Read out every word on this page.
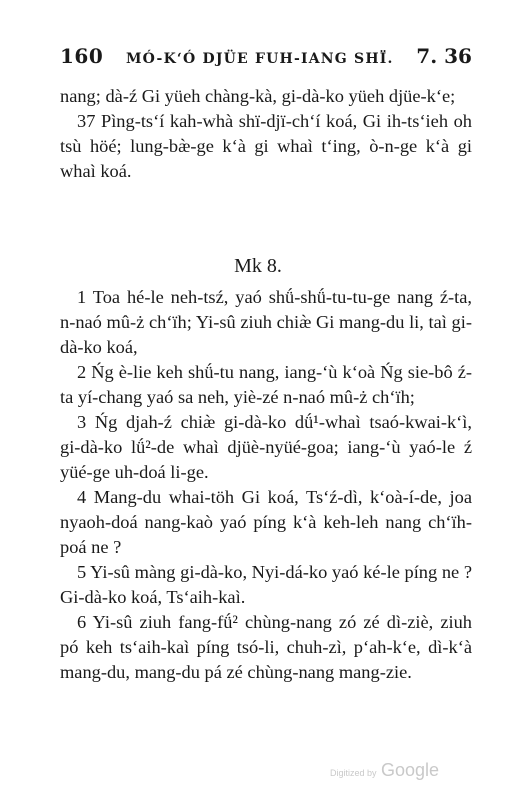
160 MÓ-K‘Ó DJÜE FUH-IANG SHÏ. 7. 36

nang; dà-ź Gi yüeh chàng-kà, gi-dà-ko yüeh djüe-k‘e;

37 Pìng-ts‘í kah-whà shï-djï-ch‘í koá, Gi ih-ts‘ieh oh tsù höé; lung-bæ̀-ge k‘à gi whaì t‘ing, ò-n-ge k‘à gi whaì koá.

Mk 8.

1 Toa hé-le neh-tsź, yaó shǘ-shǘ-tu-tu-ge nang ź-ta, n-naó mû-ż ch‘ïh; Yi-sû ziuh chiæ̀ Gi mang-du li, taì gi-dà-ko koá,

2 Ńg è-lie keh shǘ-tu nang, iang-‘ù k‘oà Ńg sie-bô ź-ta yí-chang yaó sa neh, yiè-zé n-naó mû-ż ch‘ïh;

3 Ńg djah-ź chiæ̀ gi-dà-ko dǘ¹-whaì tsaó-kwai-k‘ì, gi-dà-ko lǘ²-de whaì djüè-nyüé-goa; iang-‘ù yaó-le ź yüé-ge uh-doá li-ge.

4 Mang-du whai-töh Gi koá, Ts‘ź-dì, k‘oà-í-de, joa nyaoh-doá nang-kaò yaó píng k‘à keh-leh nang ch‘ïh-poá ne ?

5 Yi-sû màng gi-dà-ko, Nyi-dá-ko yaó ké-le píng ne ? Gi-dà-ko koá, Ts‘aih-kaì.

6 Yi-sû ziuh fang-fǘ² chùng-nang zó zé dì-ziè, ziuh pó keh ts‘aih-kaì píng tsó-li, chuh-zì, p‘ah-k‘e, dì-k‘à mang-du, mang-du pá zé chùng-nang mang-zie.

Digitized by Google
